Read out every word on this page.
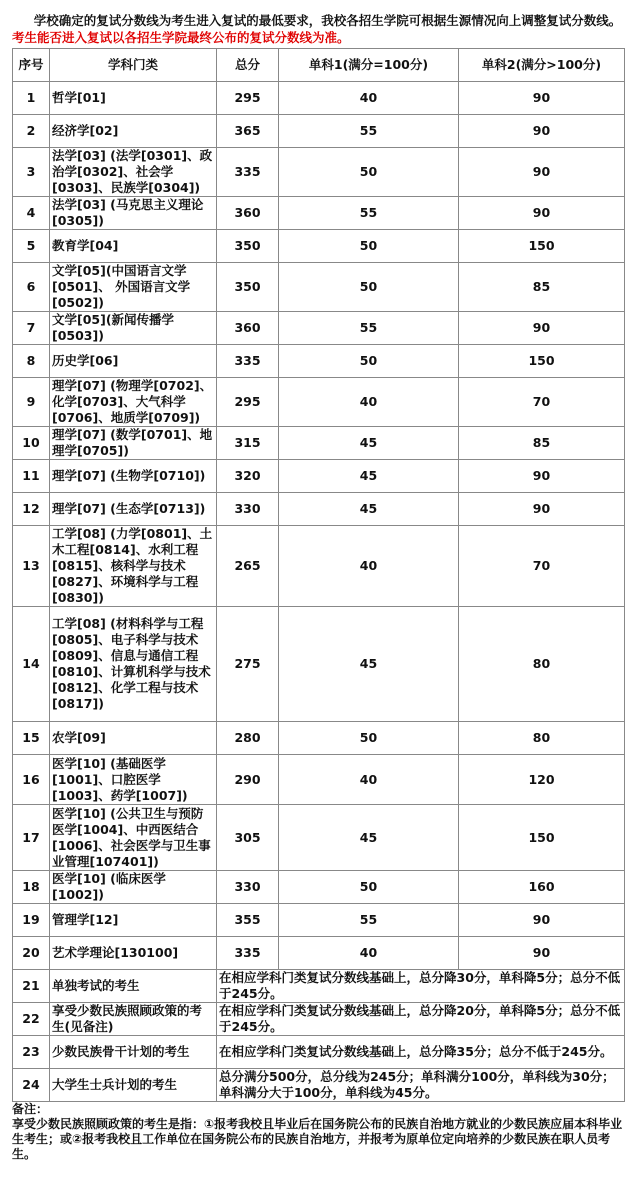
学校确定的复试分数线为考生进入复试的最低要求，我校各招生学院可根据生源情况向上调整复试分数线。考生能否进入复试以各招生学院最终公布的复试分数线为准。
序号	学科门类	总分	单科1(满分=100分)	单科2(满分>100分)
1	哲学[01]	295	40	90
2	经济学[02]	365	55	90
3	法学[03] (法学[0301]、政治学[0302]、社会学[0303]、民族学[0304])	335	50	90
4	法学[03] (马克思主义理论[0305])	360	55	90
5	教育学[04]	350	50	150
6	文学[05](中国语言文学[0501]、 外国语言文学[0502])	350	50	85
7	文学[05](新闻传播学[0503])	360	55	90
8	历史学[06]	335	50	150
9	理学[07] (物理学[0702]、化学[0703]、大气科学[0706]、地质学[0709])	295	40	70
10	理学[07] (数学[0701]、地理学[0705])	315	45	85
11	理学[07] (生物学[0710])	320	45	90
12	理学[07] (生态学[0713])	330	45	90
13	工学[08] (力学[0801]、土木工程[0814]、水利工程[0815]、核科学与技术[0827]、环境科学与工程[0830])	265	40	70
14	工学[08] (材料科学与工程[0805]、电子科学与技术[0809]、信息与通信工程[0810]、计算机科学与技术[0812]、化学工程与技术[0817])	275	45	80
15	农学[09]	280	50	80
16	医学[10] (基础医学[1001]、口腔医学[1003]、药学[1007])	290	40	120
17	医学[10] (公共卫生与预防医学[1004]、中西医结合[1006]、社会医学与卫生事业管理[107401])	305	45	150
18	医学[10] (临床医学[1002])	330	50	160
19	管理学[12]	355	55	90
20	艺术学理论[130100]	335	40	90
21	单独考试的考生	在相应学科门类复试分数线基础上，总分降30分，单科降5分；总分不低于245分。		
22	享受少数民族照顾政策的考生(见备注)	在相应学科门类复试分数线基础上，总分降20分，单科降5分；总分不低于245分。		
23	少数民族骨干计划的考生	在相应学科门类复试分数线基础上，总分降35分；总分不低于245分。		
24	大学生士兵计划的考生	总分满分500分，总分线为245分；单科满分100分，单科线为30分；单科满分大于100分，单科线为45分。		
备注：
享受少数民族照顾政策的考生是指：①报考我校且毕业后在国务院公布的民族自治地方就业的少数民族应届本科毕业生考生；或②报考我校且工作单位在国务院公布的民族自治地方，并报考为原单位定向培养的少数民族在职人员考生。
